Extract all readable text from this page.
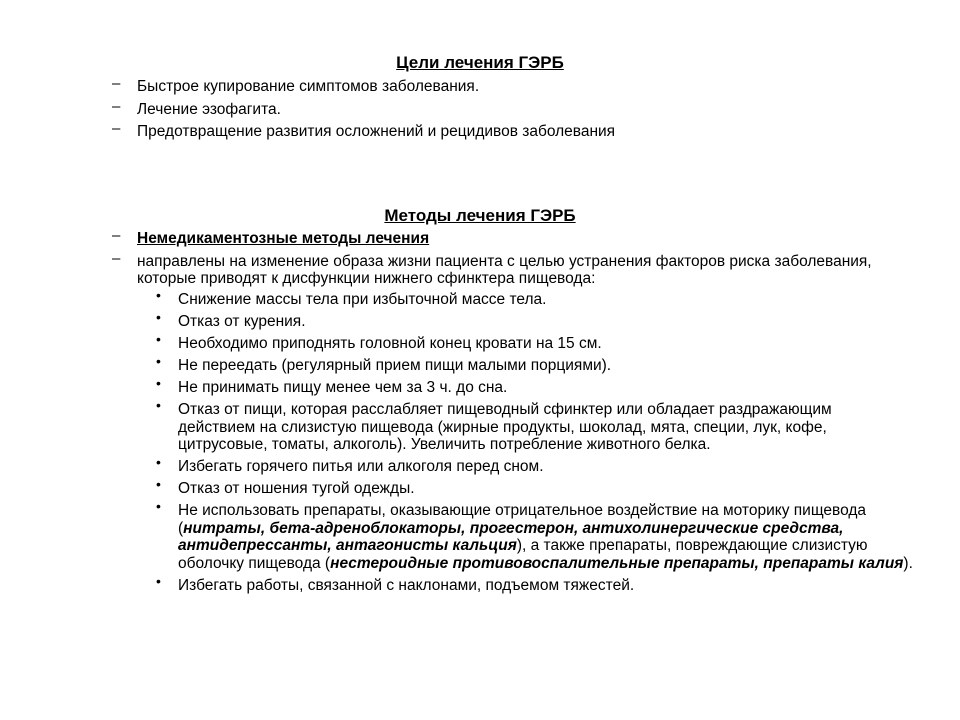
Цели лечения ГЭРБ
– Быстрое купирование симптомов заболевания.
– Лечение эзофагита.
– Предотвращение развития осложнений и рецидивов заболевания
Методы лечения ГЭРБ
– Немедикаментозные методы лечения
– направлены на изменение образа жизни пациента с целью устранения факторов риска заболевания, которые приводят к дисфункции нижнего сфинктера пищевода:
• Снижение массы тела при избыточной массе тела.
• Отказ от курения.
• Необходимо приподнять головной конец кровати на 15 см.
• Не переедать (регулярный прием пищи малыми порциями).
• Не принимать пищу менее чем за 3 ч. до сна.
• Отказ от пищи, которая расслабляет пищеводный сфинктер или обладает раздражающим действием на слизистую пищевода (жирные продукты, шоколад, мята, специи, лук, кофе, цитрусовые, томаты, алкоголь). Увеличить потребление животного белка.
• Избегать горячего питья или алкоголя перед сном.
• Отказ от ношения тугой одежды.
• Не использовать препараты, оказывающие отрицательное воздействие на моторику пищевода (нитраты, бета-адреноблокаторы, прогестерон, антихолинергические средства, антидепрессанты, антагонисты кальция), а также препараты, повреждающие слизистую оболочку пищевода (нестероидные противовоспалительные препараты, препараты калия).
• Избегать работы, связанной с наклонами, подъемом тяжестей.
